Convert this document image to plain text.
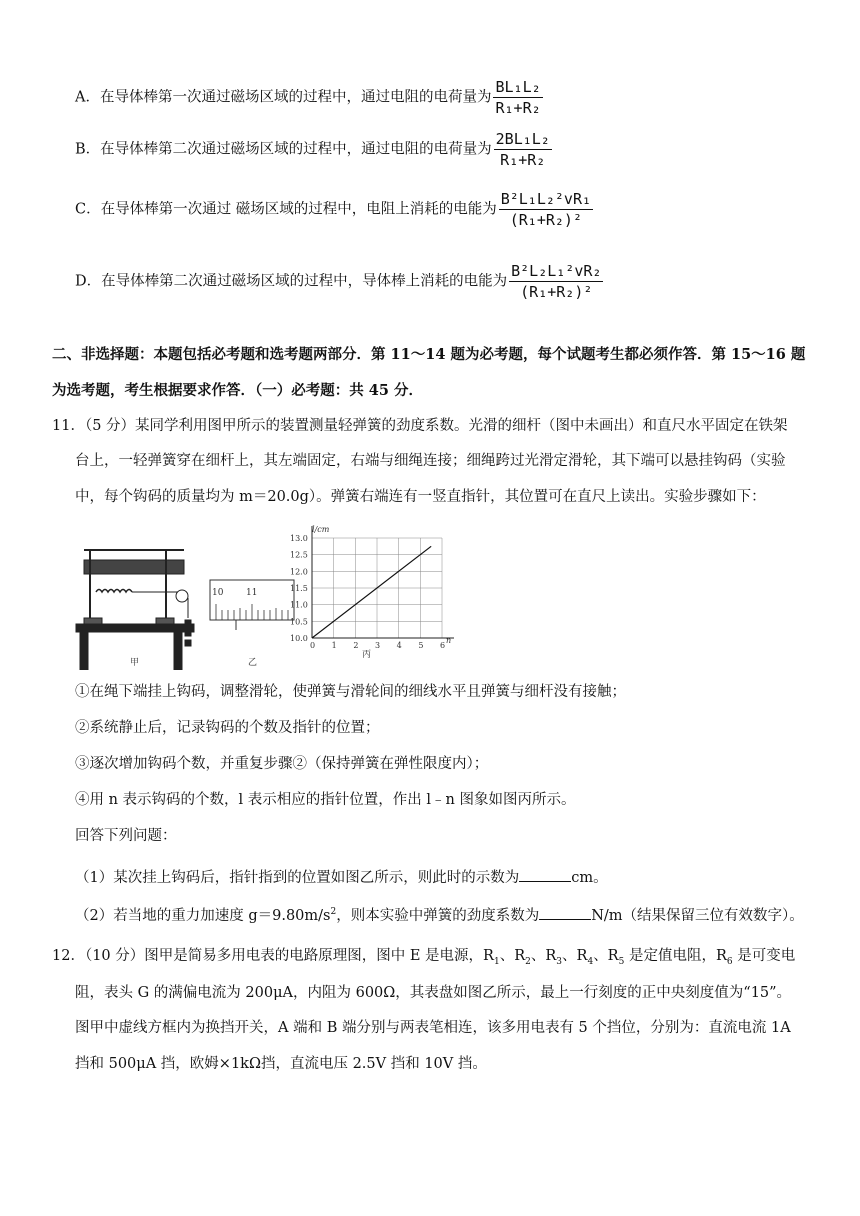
A．在导体棒第一次通过磁场区域的过程中，通过电阻的电荷量为 $\frac{\text{BL₁L₂}}{\text{R₁+R₂}}$
B．在导体棒第二次通过磁场区域的过程中，通过电阻的电荷量为 $\frac{\text{2BL₁L₂}}{\text{R₁+R₂}}$
C．在导体棒第一次通过 磁场区域的过程中，电阻上消耗的电能为 $\frac{\text{B²L₁L₂²vR₁}}{\text{(R₁+R₂)²}}$
D．在导体棒第二次通过磁场区域的过程中，导体棒上消耗的电能为 $\frac{\text{B²L₂L₁²vR₂}}{\text{(R₁+R₂)²}}$
二、非选择题：本题包括必考题和选考题两部分．第 11～14 题为必考题，每个试题考生都必须作答．第 15～16 题
为选考题，考生根据要求作答．（一）必考题：共 45 分．
11．（5 分）某同学利用图甲所示的装置测量轻弹簧的劲度系数。光滑的细杆（图中未画出）和直尺水平固定在铁架
台上，一轻弹簧穿在细杆上，其左端固定，右端与细绳连接；细绳跨过光滑定滑轮，其下端可以悬挂钩码（实验
中，每个钩码的质量均为 m＝20.0g）。弹簧右端连有一竖直指针，其位置可在直尺上读出。实验步骤如下：
甲
10	11
乙
13.0
12.5
12.0
11.5
11.0
10.5
10.0
0 1 2 3 4 5 6
l/cm
n
丙
①在绳下端挂上钩码，调整滑轮，使弹簧与滑轮间的细线水平且弹簧与细杆没有接触；
②系统静止后，记录钩码的个数及指针的位置；
③逐次增加钩码个数，并重复步骤②（保持弹簧在弹性限度内）；
④用 n 表示钩码的个数，l 表示相应的指针位置，作出 l﹣n 图象如图丙所示。
回答下列问题：
（1）某次挂上钩码后，指针指到的位置如图乙所示，则此时的示数为	cm。
（2）若当地的重力加速度 $g=9.80m/s^2$，则本实验中弹簧的劲度系数为	N/m（结果保留三位有效数字）。
12．（10 分）图甲是简易多用电表的电路原理图，图中 E 是电源，$R_1$、$R_2$、$R_3$、$R_4$、$R_5$ 是定值电阻，$R_6$ 是可变电
阻，表头 G 的满偏电流为 200μA，内阻为 600Ω，其表盘如图乙所示，最上一行刻度的正中央刻度值为“15”。
图甲中虚线方框内为换挡开关，A 端和 B 端分别与两表笔相连，该多用电表有 5 个挡位，分别为：直流电流 1A
挡和 500μA 挡，欧姆×1kΩ挡，直流电压 2.5V 挡和 10V 挡。
